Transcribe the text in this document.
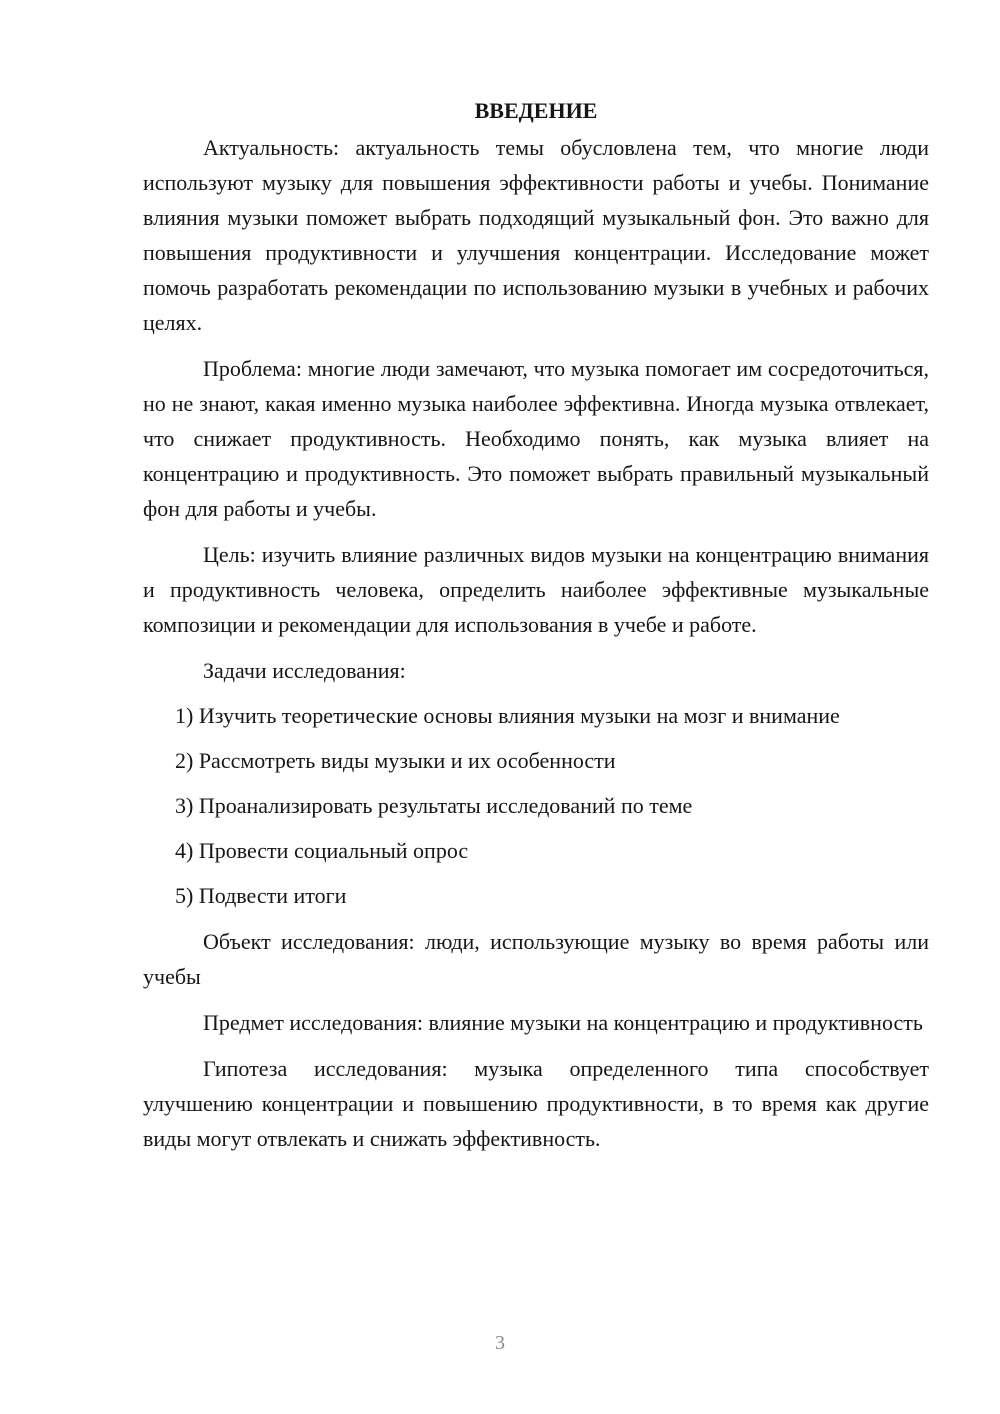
ВВЕДЕНИЕ

Актуальность: актуальность темы обусловлена тем, что многие люди используют музыку для повышения эффективности работы и учебы. Понимание влияния музыки поможет выбрать подходящий музыкальный фон. Это важно для повышения продуктивности и улучшения концентрации. Исследование может помочь разработать рекомендации по использованию музыки в учебных и рабочих целях.

Проблема: многие люди замечают, что музыка помогает им сосредоточиться, но не знают, какая именно музыка наиболее эффективна. Иногда музыка отвлекает, что снижает продуктивность. Необходимо понять, как музыка влияет на концентрацию и продуктивность. Это поможет выбрать правильный музыкальный фон для работы и учебы.

Цель: изучить влияние различных видов музыки на концентрацию внимания и продуктивность человека, определить наиболее эффективные музыкальные композиции и рекомендации для использования в учебе и работе.

Задачи исследования:

1) Изучить теоретические основы влияния музыки на мозг и внимание

2) Рассмотреть виды музыки и их особенности

3) Проанализировать результаты исследований по теме

4) Провести социальный опрос

5) Подвести итоги

Объект исследования: люди, использующие музыку во время работы или учебы

Предмет исследования: влияние музыки на концентрацию и продуктивность

Гипотеза исследования: музыка определенного типа способствует улучшению концентрации и повышению продуктивности, в то время как другие виды могут отвлекать и снижать эффективность.

3
